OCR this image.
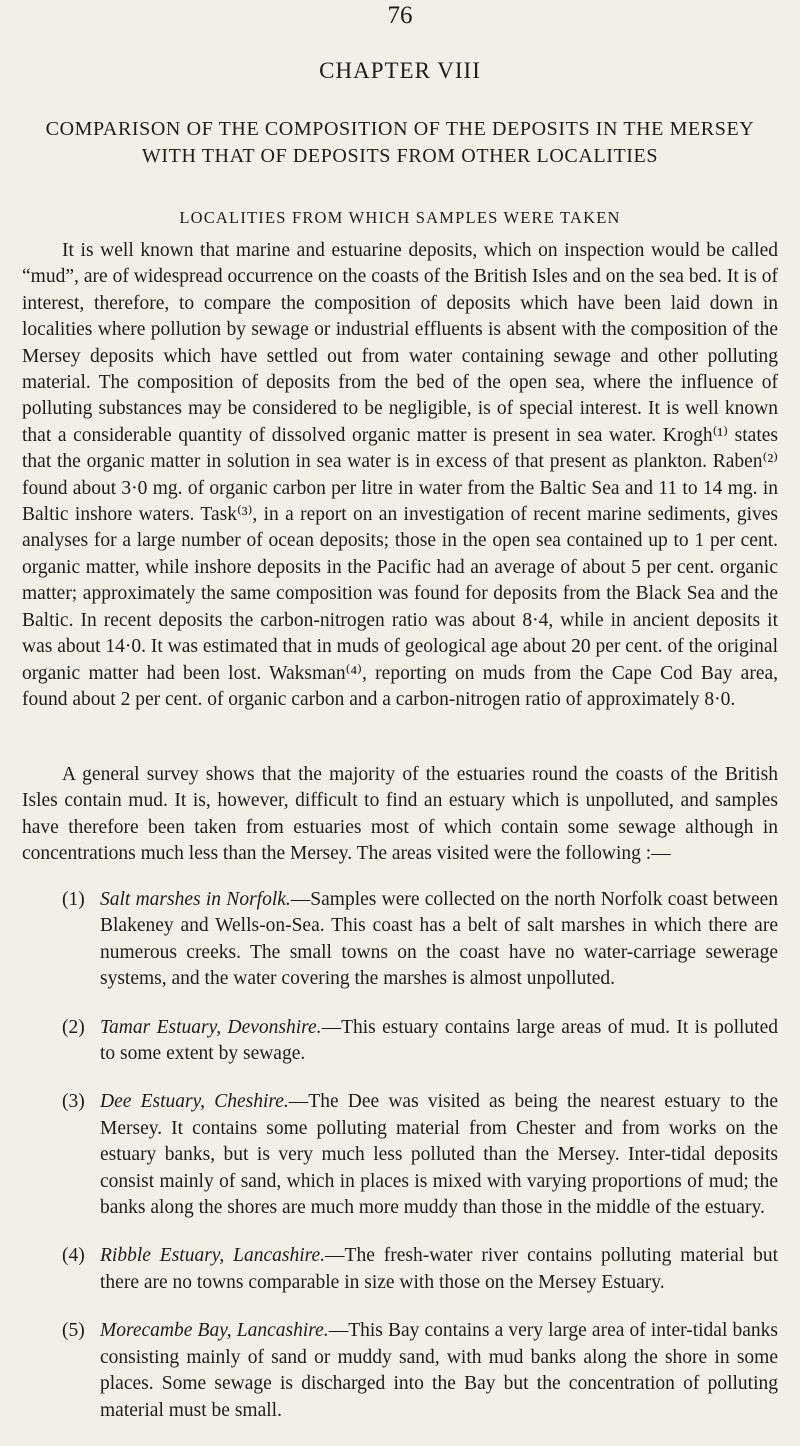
76
CHAPTER VIII
COMPARISON OF THE COMPOSITION OF THE DEPOSITS IN THE MERSEY WITH THAT OF DEPOSITS FROM OTHER LOCALITIES
LOCALITIES FROM WHICH SAMPLES WERE TAKEN

It is well known that marine and estuarine deposits, which on inspection would be called “mud”, are of widespread occurrence on the coasts of the British Isles and on the sea bed. It is of interest, therefore, to compare the composition of deposits which have been laid down in localities where pollution by sewage or industrial effluents is absent with the composition of the Mersey deposits which have settled out from water containing sewage and other polluting material. The composition of deposits from the bed of the open sea, where the influence of polluting substances may be considered to be negligible, is of special interest. It is well known that a considerable quantity of dissolved organic matter is present in sea water. Krogh⁽¹⁾ states that the organic matter in solution in sea water is in excess of that present as plankton. Raben⁽²⁾ found about 3·0 mg. of organic carbon per litre in water from the Baltic Sea and 11 to 14 mg. in Baltic inshore waters. Task⁽³⁾, in a report on an investigation of recent marine sediments, gives analyses for a large number of ocean deposits; those in the open sea contained up to 1 per cent. organic matter, while inshore deposits in the Pacific had an average of about 5 per cent. organic matter; approximately the same composition was found for deposits from the Black Sea and the Baltic. In recent deposits the carbon-nitrogen ratio was about 8·4, while in ancient deposits it was about 14·0. It was estimated that in muds of geological age about 20 per cent. of the original organic matter had been lost. Waksman⁽⁴⁾, reporting on muds from the Cape Cod Bay area, found about 2 per cent. of organic carbon and a carbon-nitrogen ratio of approximately 8·0.

A general survey shows that the majority of the estuaries round the coasts of the British Isles contain mud. It is, however, difficult to find an estuary which is unpolluted, and samples have therefore been taken from estuaries most of which contain some sewage although in concentrations much less than the Mersey. The areas visited were the following :—

(1) Salt marshes in Norfolk.—Samples were collected on the north Norfolk coast between Blakeney and Wells-on-Sea. This coast has a belt of salt marshes in which there are numerous creeks. The small towns on the coast have no water-carriage sewerage systems, and the water covering the marshes is almost unpolluted.
(2) Tamar Estuary, Devonshire.—This estuary contains large areas of mud. It is polluted to some extent by sewage.
(3) Dee Estuary, Cheshire.—The Dee was visited as being the nearest estuary to the Mersey. It contains some polluting material from Chester and from works on the estuary banks, but is very much less polluted than the Mersey. Inter-tidal deposits consist mainly of sand, which in places is mixed with varying proportions of mud; the banks along the shores are much more muddy than those in the middle of the estuary.
(4) Ribble Estuary, Lancashire.—The fresh-water river contains polluting material but there are no towns comparable in size with those on the Mersey Estuary.
(5) Morecambe Bay, Lancashire.—This Bay contains a very large area of inter-tidal banks consisting mainly of sand or muddy sand, with mud banks along the shore in some places. Some sewage is discharged into the Bay but the concentration of polluting material must be small.
